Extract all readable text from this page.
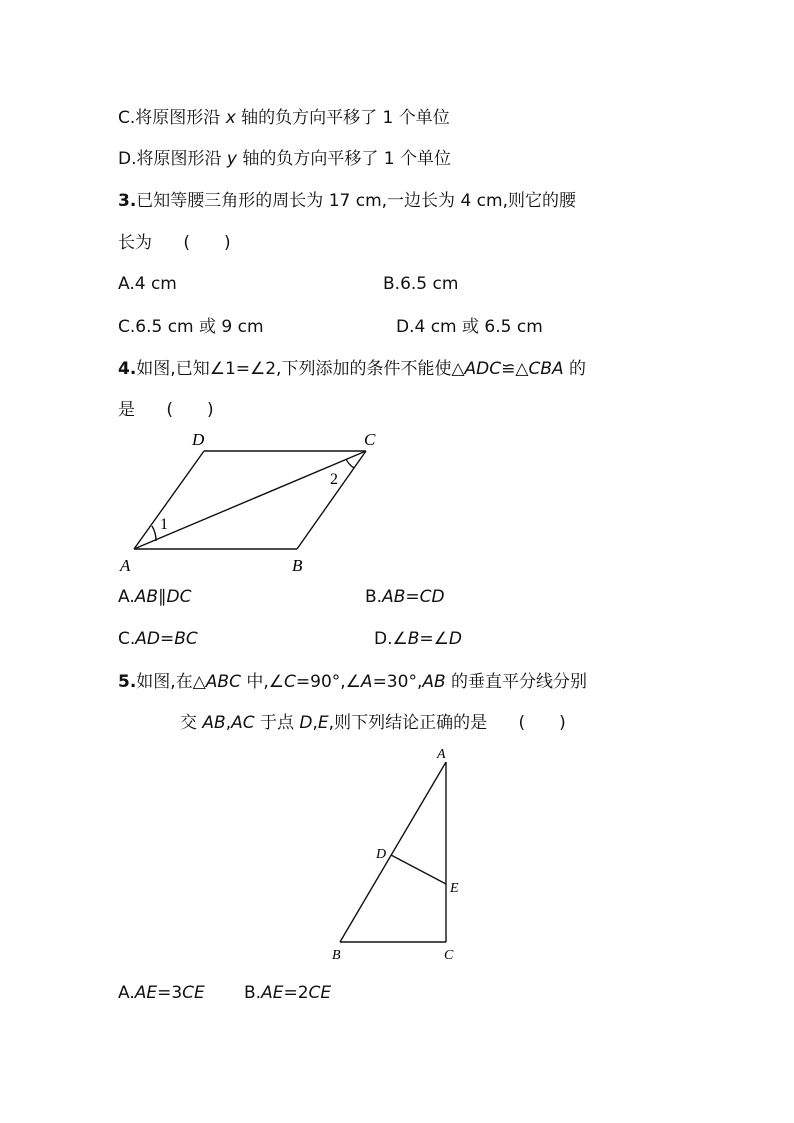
C.将原图形沿 x 轴的负方向平移了 1 个单位
D.将原图形沿 y 轴的负方向平移了 1 个单位
3.已知等腰三角形的周长为 17 cm,一边长为 4 cm,则它的腰
长为 ( )
A.4 cm	B.6.5 cm
C.6.5 cm 或 9 cm	D.4 cm 或 6.5 cm
4.如图,已知∠1=∠2,下列添加的条件不能使△ADC≌△CBA 的
是 ( )
D	C
A	B
1
2
A.AB∥DC	B.AB=CD
C.AD=BC	D.∠B=∠D
5.如图,在△ABC 中,∠C=90°,∠A=30°,AB 的垂直平分线分别
交 AB,AC 于点 D,E,则下列结论正确的是 ( )
A
D
E
B	C
A.AE=3CE B.AE=2CE
